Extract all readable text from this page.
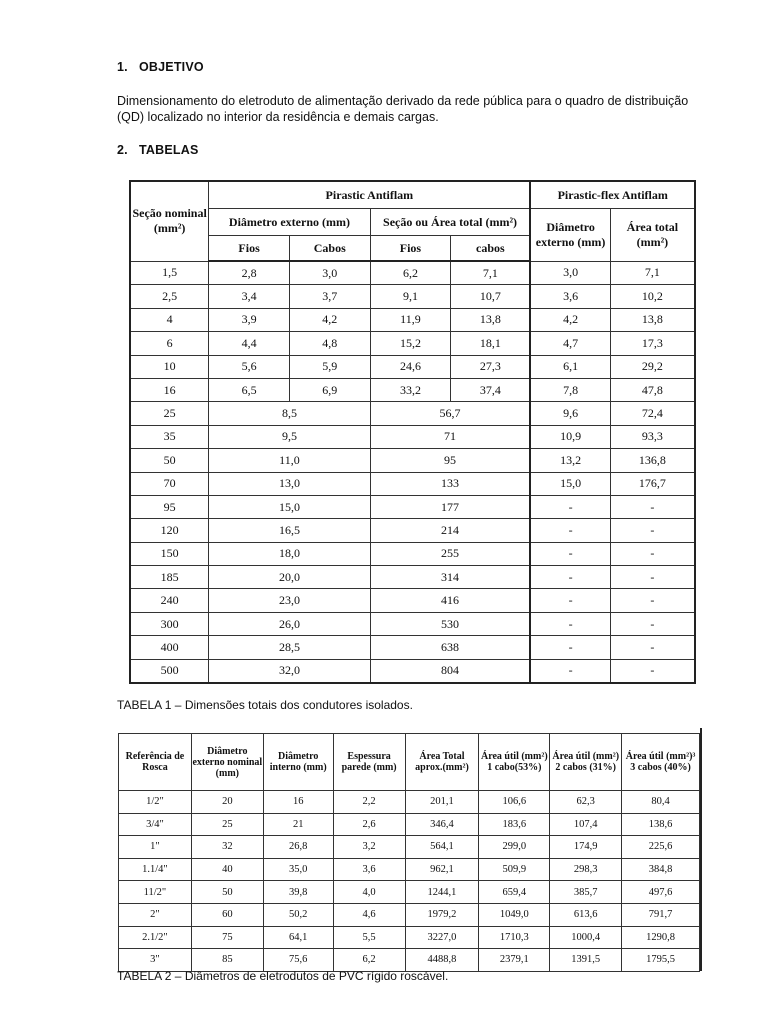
1. OBJETIVO
Dimensionamento do eletroduto de alimentação derivado da rede pública para o quadro de distribuição (QD) localizado no interior da residência e demais cargas.
2. TABELAS
Seção nominal (mm²)	Pirastic Antiflam				Pirastic-flex Antiflam	
	Diâmetro externo (mm)		Seção ou Área total (mm²)		Diâmetro externo (mm)	Área total (mm²)
	Fios	Cabos	Fios	cabos		
1,5	2,8	3,0	6,2	7,1	3,0	7,1
2,5	3,4	3,7	9,1	10,7	3,6	10,2
4	3,9	4,2	11,9	13,8	4,2	13,8
6	4,4	4,8	15,2	18,1	4,7	17,3
10	5,6	5,9	24,6	27,3	6,1	29,2
16	6,5	6,9	33,2	37,4	7,8	47,8
25	8,5		56,7		9,6	72,4
35	9,5		71		10,9	93,3
50	11,0		95		13,2	136,8
70	13,0		133		15,0	176,7
95	15,0		177		-	-
120	16,5		214		-	-
150	18,0		255		-	-
185	20,0		314		-	-
240	23,0		416		-	-
300	26,0		530		-	-
400	28,5		638		-	-
500	32,0		804		-	-
TABELA 1 – Dimensões totais dos condutores isolados.
Referência de Rosca	Diâmetro externo nominal (mm)	Diâmetro interno (mm)	Espessura parede (mm)	Área Total aprox.(mm²)	Área útil (mm²) 1 cabo(53%)	Área útil (mm²) 2 cabos (31%)	Área útil (mm²)³ 3 cabos (40%)
1/2"	20	16	2,2	201,1	106,6	62,3	80,4
3/4"	25	21	2,6	346,4	183,6	107,4	138,6
1"	32	26,8	3,2	564,1	299,0	174,9	225,6
1.1/4"	40	35,0	3,6	962,1	509,9	298,3	384,8
11/2"	50	39,8	4,0	1244,1	659,4	385,7	497,6
2"	60	50,2	4,6	1979,2	1049,0	613,6	791,7
2.1/2"	75	64,1	5,5	3227,0	1710,3	1000,4	1290,8
3"	85	75,6	6,2	4488,8	2379,1	1391,5	1795,5
TABELA 2 – Diâmetros de eletrodutos de PVC rígido roscável.
